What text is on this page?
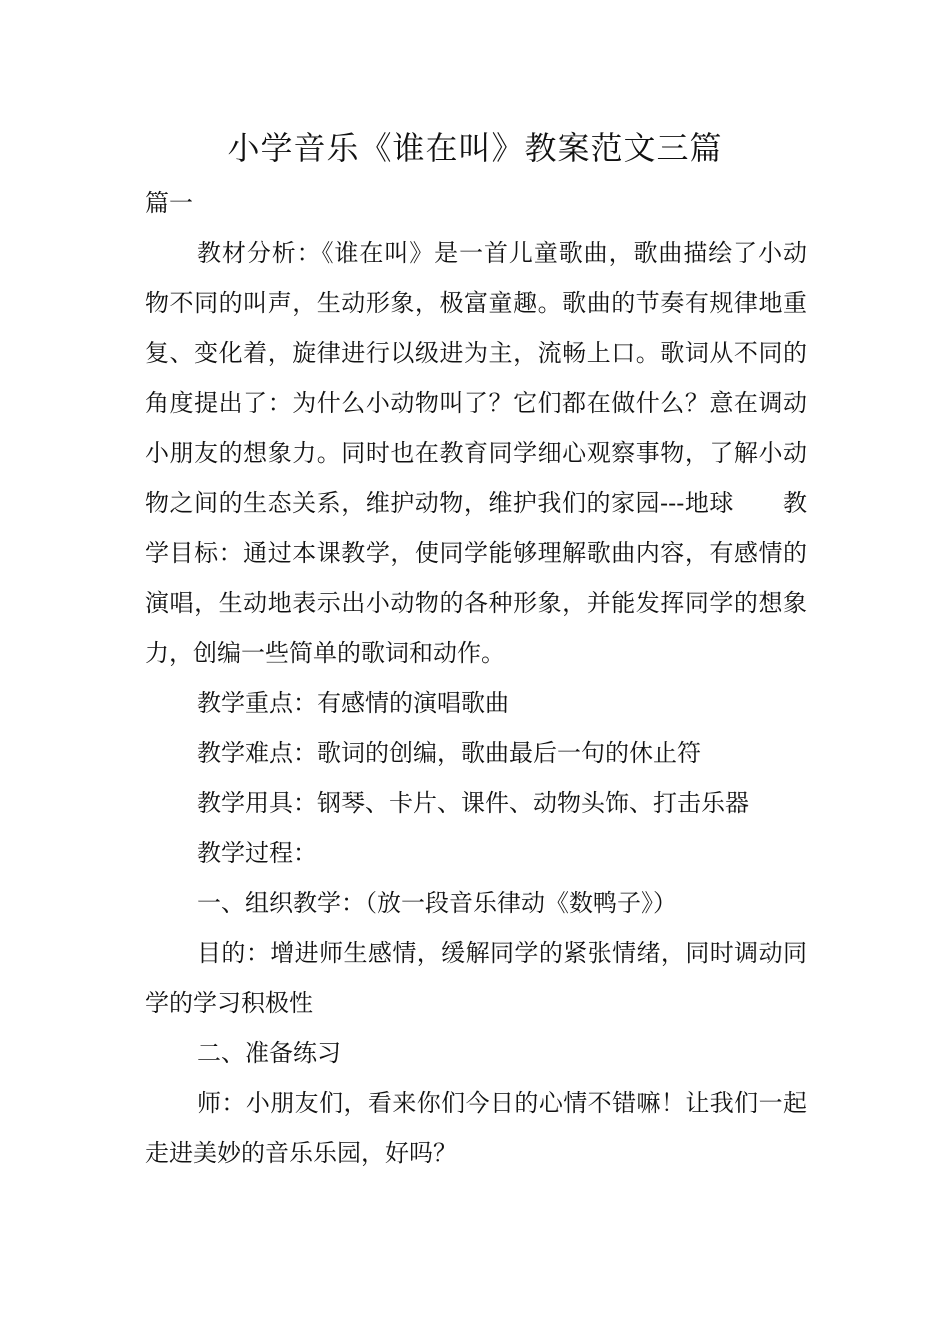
小学音乐《谁在叫》教案范文三篇
篇一

教材分析：《谁在叫》是一首儿童歌曲，歌曲描绘了小动物不同的叫声，生动形象，极富童趣。歌曲的节奏有规律地重复、变化着，旋律进行以级进为主，流畅上口。歌词从不同的角度提出了：为什么小动物叫了？它们都在做什么？意在调动小朋友的想象力。同时也在教育同学细心观察事物，了解小动物之间的生态关系，维护动物，维护我们的家园---地球　　教学目标：通过本课教学，使同学能够理解歌曲内容，有感情的演唱，生动地表示出小动物的各种形象，并能发挥同学的想象力，创编一些简单的歌词和动作。

教学重点：有感情的演唱歌曲

教学难点：歌词的创编，歌曲最后一句的休止符

教学用具：钢琴、卡片、课件、动物头饰、打击乐器

教学过程：

一、组织教学：（放一段音乐律动《数鸭子》）

目的：增进师生感情，缓解同学的紧张情绪，同时调动同学的学习积极性

二、准备练习

师：小朋友们，看来你们今日的心情不错嘛！让我们一起走进美妙的音乐乐园，好吗？
